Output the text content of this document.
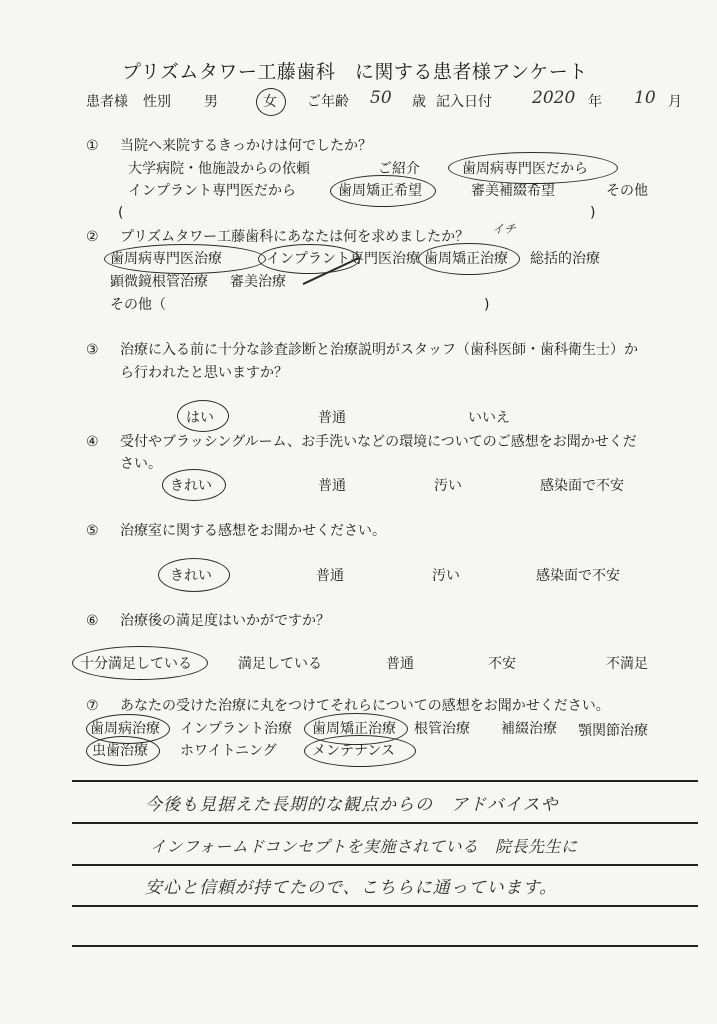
プリズムタワー工藤歯科　に関する患者様アンケート
患者様 性別 男	女 ご年齢 50 歳 記入日付 2020 年 10 月
① 当院へ来院するきっかけは何でしたか？
大学病院・他施設からの依頼	ご紹介	歯周病専門医だから
インプラント専門医だから	歯周矯正希望	審美補綴希望	その他
(	)
② プリズムタワー工藤歯科にあなたは何を求めましたか？ イチ
歯周病専門医治療	インプラント専門医治療 歯周矯正治療 総括的治療
顕微鏡根管治療 審美治療
その他（	)
③ 治療に入る前に十分な診査診断と治療説明がスタッフ（歯科医師・歯科衛生士）か
ら行われたと思いますか？
はい	普通	いいえ
④ 受付やブラッシングルーム、お手洗いなどの環境についてのご感想をお聞かせくだ
さい。
きれい	普通	汚い	感染面で不安
⑤ 治療室に関する感想をお聞かせください。
きれい	普通	汚い	感染面で不安
⑥ 治療後の満足度はいかがですか？
十分満足している	満足している	普通	不安	不満足
⑦ あなたの受けた治療に丸をつけてそれらについての感想をお聞かせください。
歯周病治療 インプラント治療 歯周矯正治療 根管治療 補綴治療 顎関節治療
虫歯治療 ホワイトニング	メンテナンス
今後も見据えた長期的な観点からの　アドバイスや
インフォームドコンセプトを実施されている　院長先生に
安心と信頼が持てたので、こちらに通っています。
